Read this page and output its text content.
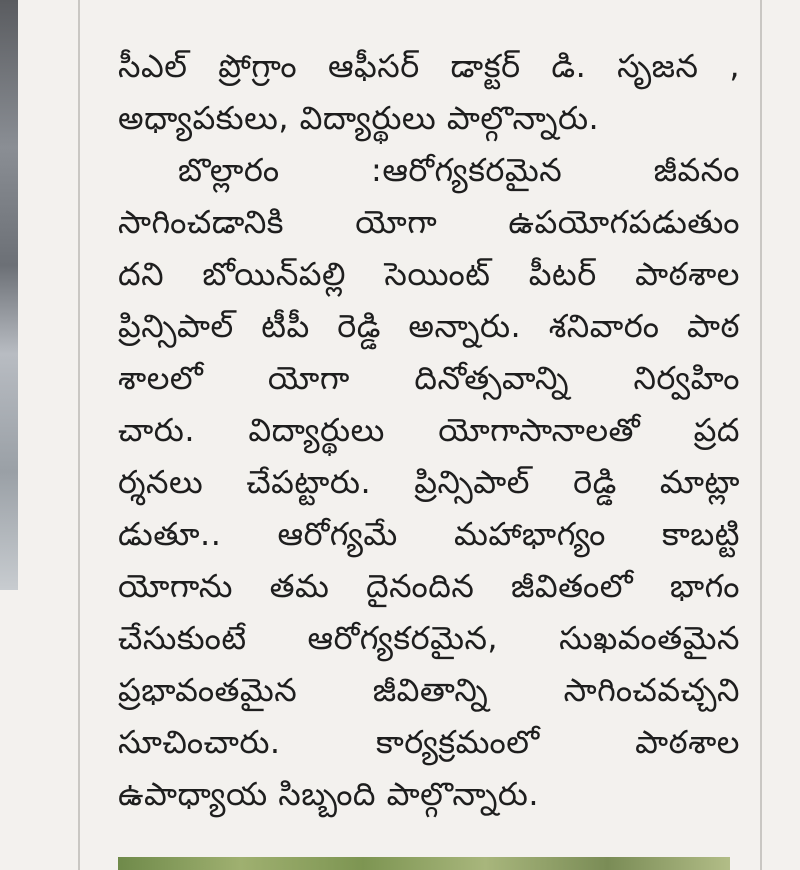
సీఎల్ ప్రోగ్రాం ఆఫీసర్ డాక్టర్ డి. సృజన ,
అధ్యాపకులు, విద్యార్థులు పాల్గొన్నారు.
బొల్లారం :ఆరోగ్యకరమైన జీవనం
సాగించడానికి యోగా ఉపయోగపడుతుం
దని బోయిన్‌పల్లి సెయింట్ పీటర్ పాఠశాల
ప్రిన్సిపాల్ టీపీ రెడ్డి అన్నారు. శనివారం పాఠ
శాలలో యోగా దినోత్సవాన్ని నిర్వహిం
చారు. విద్యార్థులు యోగాసానాలతో ప్రద
ర్శనలు చేపట్టారు. ప్రిన్సిపాల్ రెడ్డి మాట్లా
డుతూ.. ఆరోగ్యమే మహాభాగ్యం కాబట్టి
యోగాను తమ దైనందిన జీవితంలో భాగం
చేసుకుంటే ఆరోగ్యకరమైన, సుఖవంతమైన
ప్రభావంతమైన జీవితాన్ని సాగించవచ్చని
సూచించారు. కార్యక్రమంలో పాఠశాల
ఉపాధ్యాయ సిబ్బంది పాల్గొన్నారు.
